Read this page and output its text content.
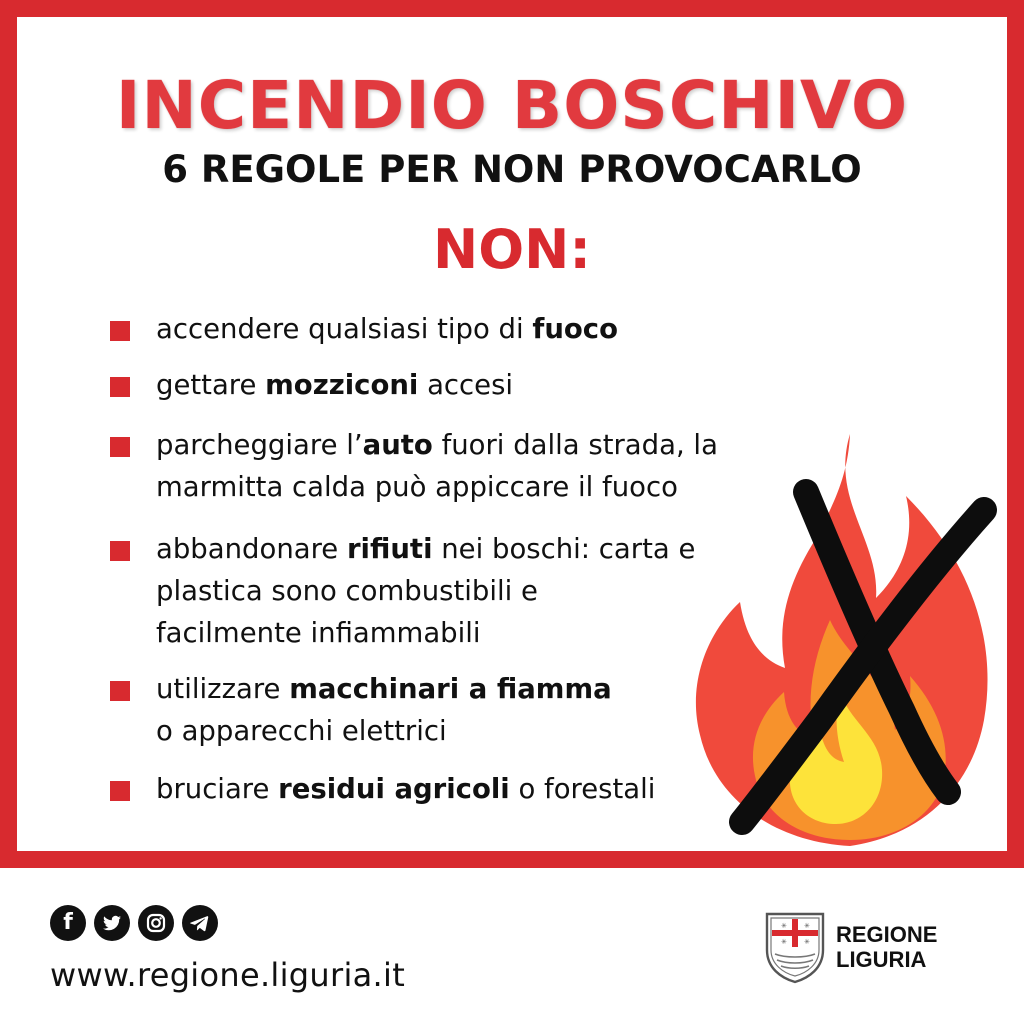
INCENDIO BOSCHIVO
6 REGOLE PER NON PROVOCARLO
NON:
accendere qualsiasi tipo di fuoco
gettare mozziconi accesi
parcheggiare l’auto fuori dalla strada, la
marmitta calda può appiccare il fuoco
abbandonare rifiuti nei boschi: carta e
plastica sono combustibili e
facilmente infiammabili
utilizzare macchinari a fiamma
o apparecchi elettrici
bruciare residui agricoli o forestali
f
www.regione.liguria.it
✳ ✳
✳ ✳ REGIONE
LIGURIA
